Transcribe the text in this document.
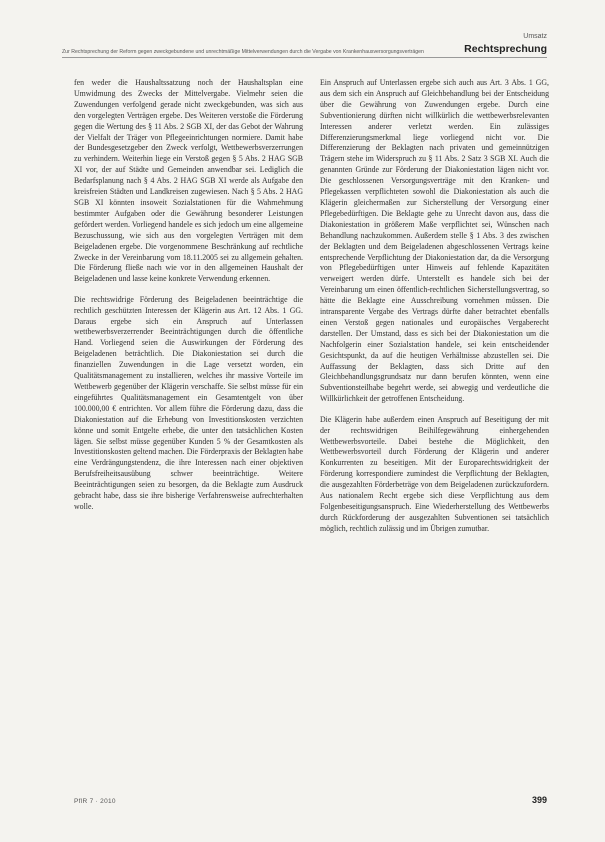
Umsatz
Zur Rechtsprechung der Reform gegen zweckgebundene und unrechtmäßige Mittelverwendungen durch die Vergabe von Krankenhausversorgungsverträgen	Rechtsprechung

fen weder die Haushaltssatzung noch der Haushaltsplan eine Umwidmung des Zwecks der Mittelvergabe. Vielmehr seien die Zuwendungen verfolgend gerade nicht zweckgebunden, was sich aus den vorgelegten Verträgen ergebe. Des Weiteren verstoße die Förderung gegen die Wertung des § 11 Abs. 2 SGB XI, der das Gebot der Wahrung der Vielfalt der Träger von Pflegeeinrichtungen normiere. Damit habe der Bundesgesetzgeber den Zweck verfolgt, Wettbewerbsverzerrungen zu verhindern. Weiterhin liege ein Verstoß gegen § 5 Abs. 2 HAG SGB XI vor, der auf Städte und Gemeinden anwendbar sei. Lediglich die Bedarfsplanung nach § 4 Abs. 2 HAG SGB XI werde als Aufgabe den kreisfreien Städten und Landkreisen zugewiesen. Nach § 5 Abs. 2 HAG SGB XI könnten insoweit Sozialstationen für die Wahrnehmung bestimmter Aufgaben oder die Gewährung besonderer Leistungen gefördert werden. Vorliegend handele es sich jedoch um eine allgemeine Bezuschussung, wie sich aus den vorgelegten Verträgen mit dem Beigeladenen ergebe. Die vorgenommene Beschränkung auf rechtliche Zwecke in der Vereinbarung vom 18.11.2005 sei zu allgemein gehalten. Die Förderung fließe nach wie vor in den allgemeinen Haushalt der Beigeladenen und lasse keine konkrete Verwendung erkennen.

Die rechtswidrige Förderung des Beigeladenen beeinträchtige die rechtlich geschützten Interessen der Klägerin aus Art. 12 Abs. 1 GG. Daraus ergebe sich ein Anspruch auf Unterlassen wettbewerbsverzerrender Beeinträchtigungen durch die öffentliche Hand. Vorliegend seien die Auswirkungen der Förderung des Beigeladenen beträchtlich. Die Diakoniestation sei durch die finanziellen Zuwendungen in die Lage versetzt worden, ein Qualitätsmanagement zu installieren, welches ihr massive Vorteile im Wettbewerb gegenüber der Klägerin verschaffe. Sie selbst müsse für ein eingeführtes Qualitätsmanagement ein Gesamtentgelt von über 100.000,00 € entrichten. Vor allem führe die Förderung dazu, dass die Diakoniestation auf die Erhebung von Investitionskosten verzichten könne und somit Entgelte erhebe, die unter den tatsächlichen Kosten lägen. Sie selbst müsse gegenüber Kunden 5 % der Gesamtkosten als Investitionskosten geltend machen. Die Förderpraxis der Beklagten habe eine Verdrängungstendenz, die ihre Interessen nach einer objektiven Berufsfreiheitsausübung schwer beeinträchtige. Weitere Beeinträchtigungen seien zu besorgen, da die Beklagte zum Ausdruck gebracht habe, dass sie ihre bisherige Verfahrensweise aufrechterhalten wolle.

Ein Anspruch auf Unterlassen ergebe sich auch aus Art. 3 Abs. 1 GG, aus dem sich ein Anspruch auf Gleichbehandlung bei der Entscheidung über die Gewährung von Zuwendungen ergebe. Durch eine Subventionierung dürften nicht willkürlich die wettbewerbsrelevanten Interessen anderer verletzt werden. Ein zulässiges Differenzierungsmerkmal liege vorliegend nicht vor. Die Differenzierung der Beklagten nach privaten und gemeinnützigen Trägern stehe im Widerspruch zu § 11 Abs. 2 Satz 3 SGB XI. Auch die genannten Gründe zur Förderung der Diakoniestation lägen nicht vor. Die geschlossenen Versorgungsverträge mit den Kranken- und Pflegekassen verpflichteten sowohl die Diakoniestation als auch die Klägerin gleichermaßen zur Sicherstellung der Versorgung einer Pflegebedürftigen. Die Beklagte gehe zu Unrecht davon aus, dass die Diakoniestation in größerem Maße verpflichtet sei, Wünschen nach Behandlung nachzukommen. Außerdem stelle § 1 Abs. 3 des zwischen der Beklagten und dem Beigeladenen abgeschlossenen Vertrags keine entsprechende Verpflichtung der Diakoniestation dar, da die Versorgung von Pflegebedürftigen unter Hinweis auf fehlende Kapazitäten verweigert werden dürfe. Unterstellt es handele sich bei der Vereinbarung um einen öffentlich-rechtlichen Sicherstellungsvertrag, so hätte die Beklagte eine Ausschreibung vornehmen müssen. Die intransparente Vergabe des Vertrags dürfte daher betrachtet ebenfalls einen Verstoß gegen nationales und europäisches Vergaberecht darstellen. Der Umstand, dass es sich bei der Diakoniestation um die Nachfolgerin einer Sozialstation handele, sei kein entscheidender Gesichtspunkt, da auf die heutigen Verhältnisse abzustellen sei. Die Auffassung der Beklagten, dass sich Dritte auf den Gleichbehandlungsgrundsatz nur dann berufen könnten, wenn eine Subventionsteilhabe begehrt werde, sei abwegig und verdeutliche die Willkürlichkeit der getroffenen Entscheidung.

Die Klägerin habe außerdem einen Anspruch auf Beseitigung der mit der rechtswidrigen Beihilfegewährung einhergehenden Wettbewerbsvorteile. Dabei bestehe die Möglichkeit, den Wettbewerbsvorteil durch Förderung der Klägerin und anderer Konkurrenten zu beseitigen. Mit der Europarechtswidrigkeit der Förderung korrespondiere zumindest die Verpflichtung der Beklagten, die ausgezahlten Förderbeträge von dem Beigeladenen zurückzufordern. Aus nationalem Recht ergebe sich diese Verpflichtung aus dem Folgenbeseitigungsanspruch. Eine Wiederherstellung des Wettbewerbs durch Rückforderung der ausgezahlten Subventionen sei tatsächlich möglich, rechtlich zulässig und im Übrigen zumutbar.

PflR 7 · 2010	399
